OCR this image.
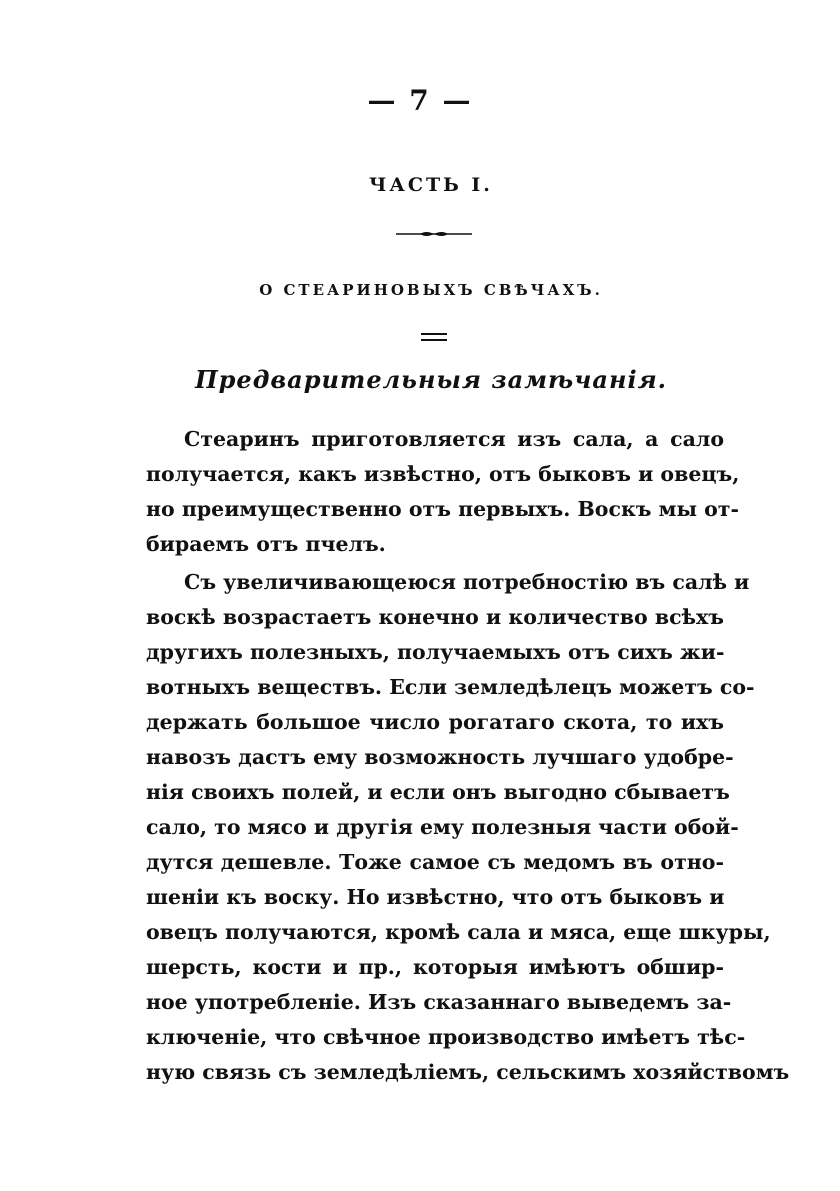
— 7 —
ЧАСТЬ I.
О СТЕАРИНОВЫХЪ СВѢЧАХЪ.
Предварительныя замѣчанія.
Стеаринъ приготовляется изъ сала, а сало
получается, какъ извѣстно, отъ быковъ и овецъ,
но преимущественно отъ первыхъ. Воскъ мы от-
бираемъ отъ пчелъ.
Съ увеличивающеюся потребностію въ салѣ и
воскѣ возрастаетъ конечно и количество всѣхъ
другихъ полезныхъ, получаемыхъ отъ сихъ жи-
вотныхъ веществъ. Если земледѣлецъ можетъ со-
держать большое число рогатаго скота, то ихъ
навозъ дастъ ему возможность лучшаго удобре-
нія своихъ полей, и если онъ выгодно сбываетъ
сало, то мясо и другія ему полезныя части обой-
дутся дешевле. Тоже самое съ медомъ въ отно-
шеніи къ воску. Но извѣстно, что отъ быковъ и
овецъ получаются, кромѣ сала и мяса, еще шкуры,
шерсть, кости и пр., которыя имѣютъ обшир-
ное употребленіе. Изъ сказаннаго выведемъ за-
ключеніе, что свѣчное производство имѣетъ тѣс-
ную связь съ земледѣліемъ, сельскимъ хозяйствомъ
